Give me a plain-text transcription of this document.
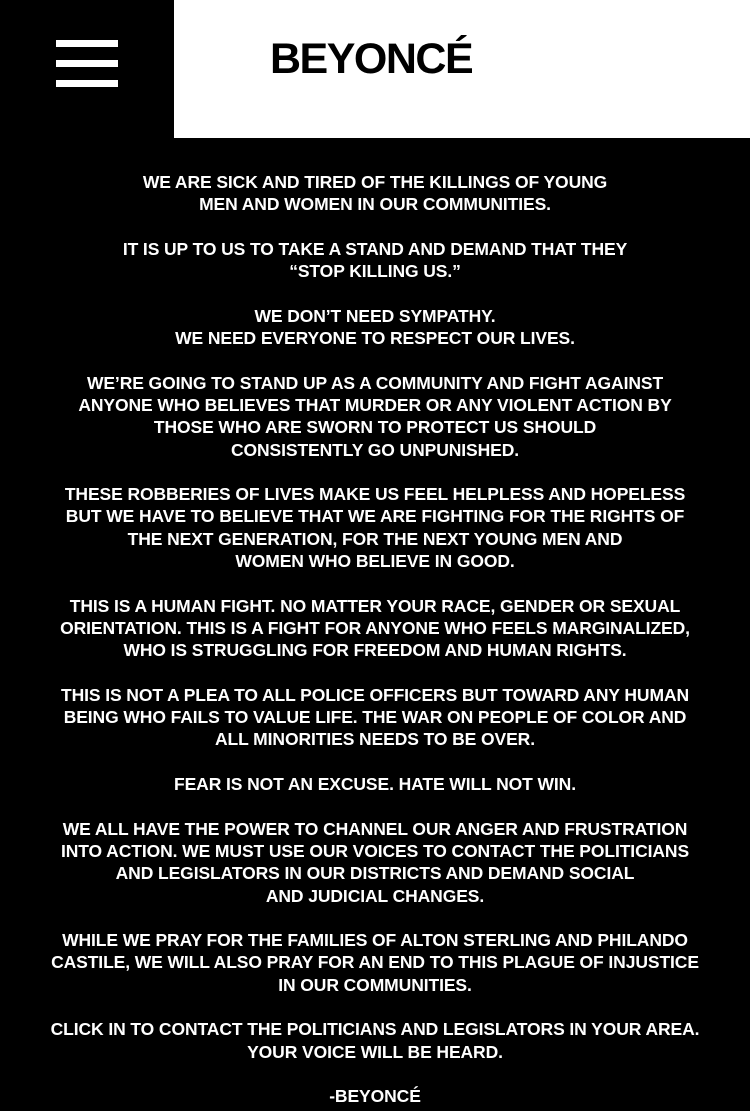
BEYONCÉ
WE ARE SICK AND TIRED OF THE KILLINGS OF YOUNG
MEN AND WOMEN IN OUR COMMUNITIES.
IT IS UP TO US TO TAKE A STAND AND DEMAND THAT THEY
“STOP KILLING US.”
WE DON’T NEED SYMPATHY.
WE NEED EVERYONE TO RESPECT OUR LIVES.
WE’RE GOING TO STAND UP AS A COMMUNITY AND FIGHT AGAINST
ANYONE WHO BELIEVES THAT MURDER OR ANY VIOLENT ACTION BY
THOSE WHO ARE SWORN TO PROTECT US SHOULD
CONSISTENTLY GO UNPUNISHED.
THESE ROBBERIES OF LIVES MAKE US FEEL HELPLESS AND HOPELESS
BUT WE HAVE TO BELIEVE THAT WE ARE FIGHTING FOR THE RIGHTS OF
THE NEXT GENERATION, FOR THE NEXT YOUNG MEN AND
WOMEN WHO BELIEVE IN GOOD.
THIS IS A HUMAN FIGHT. NO MATTER YOUR RACE, GENDER OR SEXUAL
ORIENTATION. THIS IS A FIGHT FOR ANYONE WHO FEELS MARGINALIZED,
WHO IS STRUGGLING FOR FREEDOM AND HUMAN RIGHTS.
THIS IS NOT A PLEA TO ALL POLICE OFFICERS BUT TOWARD ANY HUMAN
BEING WHO FAILS TO VALUE LIFE. THE WAR ON PEOPLE OF COLOR AND
ALL MINORITIES NEEDS TO BE OVER.
FEAR IS NOT AN EXCUSE. HATE WILL NOT WIN.
WE ALL HAVE THE POWER TO CHANNEL OUR ANGER AND FRUSTRATION
INTO ACTION. WE MUST USE OUR VOICES TO CONTACT THE POLITICIANS
AND LEGISLATORS IN OUR DISTRICTS AND DEMAND SOCIAL
AND JUDICIAL CHANGES.
WHILE WE PRAY FOR THE FAMILIES OF ALTON STERLING AND PHILANDO
CASTILE, WE WILL ALSO PRAY FOR AN END TO THIS PLAGUE OF INJUSTICE
IN OUR COMMUNITIES.
CLICK IN TO CONTACT THE POLITICIANS AND LEGISLATORS IN YOUR AREA.
YOUR VOICE WILL BE HEARD.
-BEYONCÉ
